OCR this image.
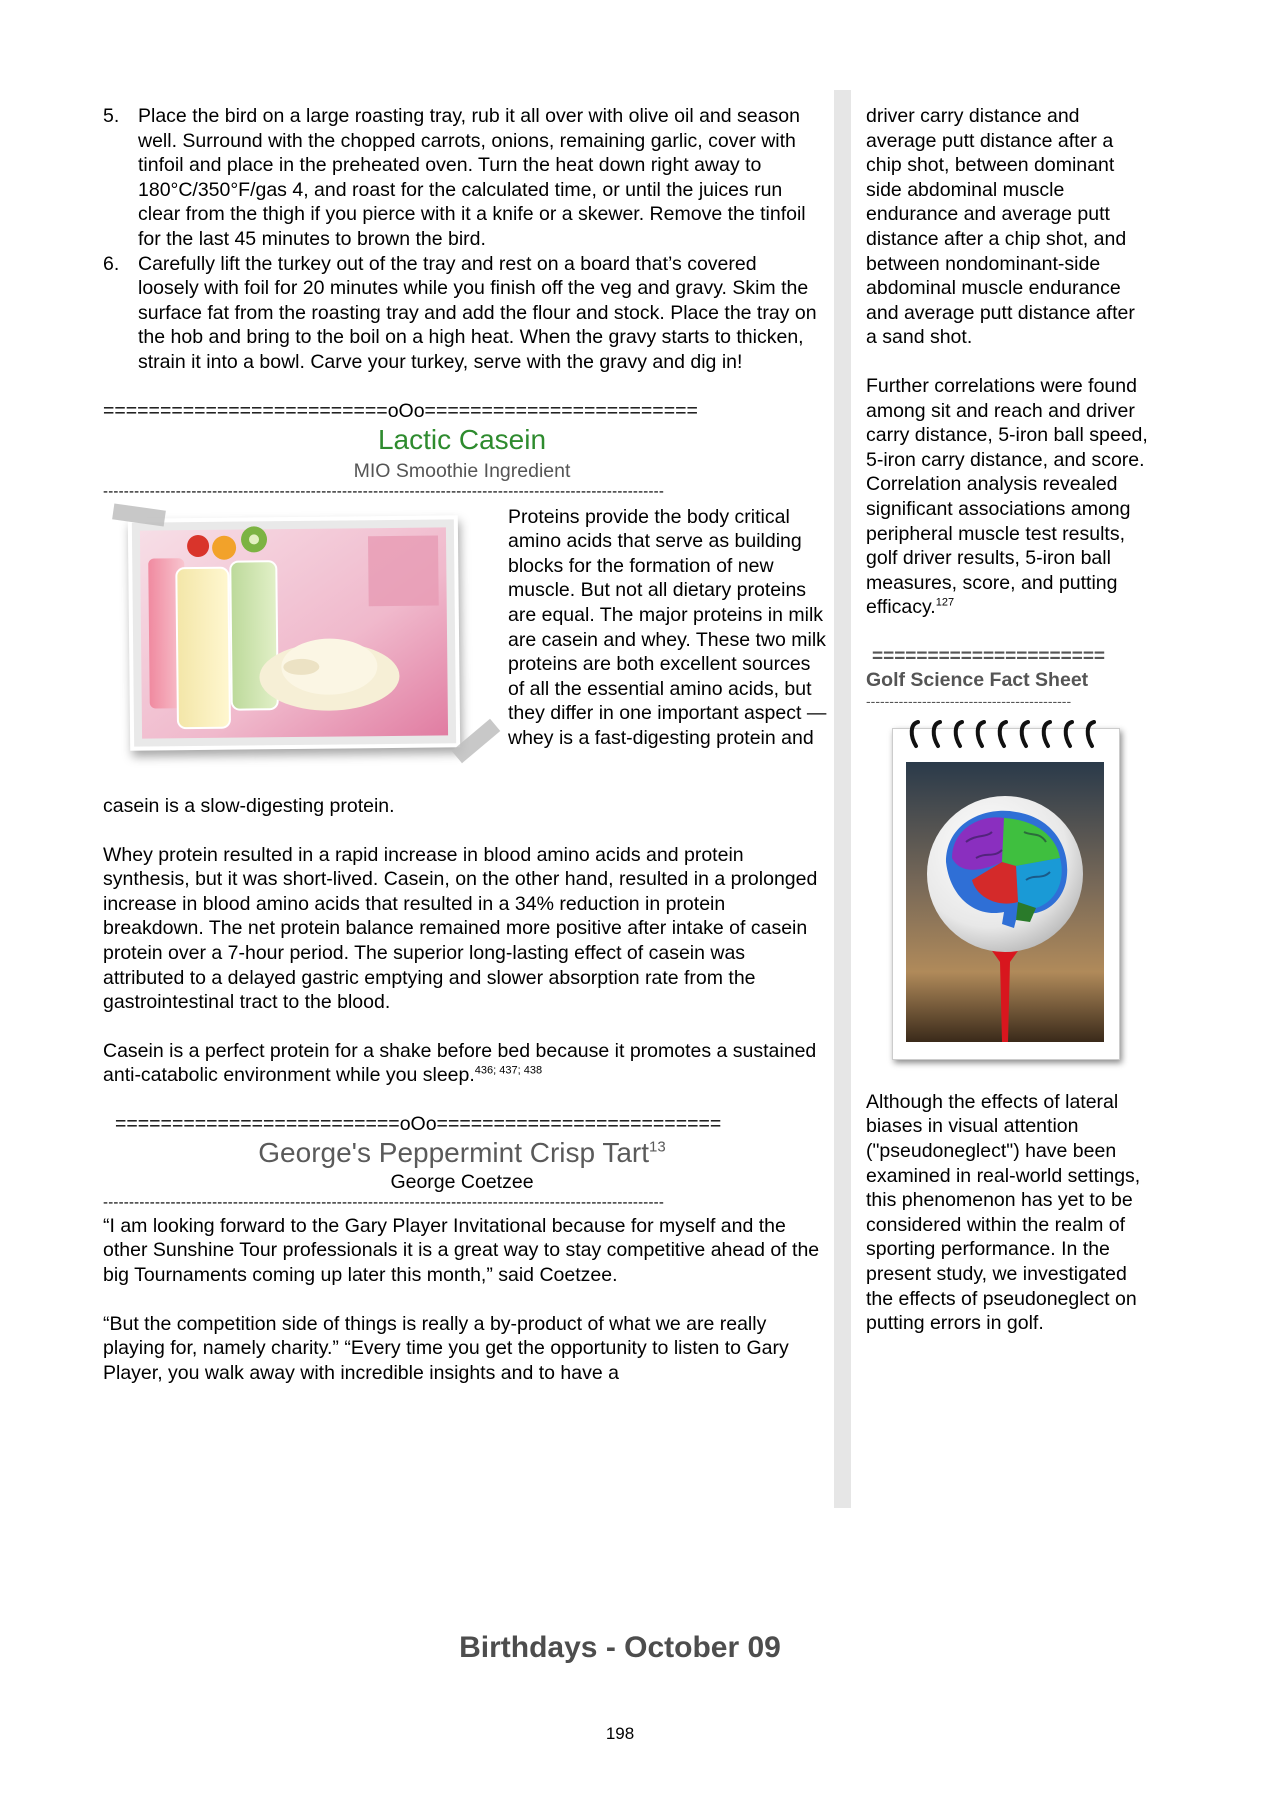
5. Place the bird on a large roasting tray, rub it all over with olive oil and season well. Surround with the chopped carrots, onions, remaining garlic, cover with tinfoil and place in the preheated oven. Turn the heat down right away to 180°C/350°F/gas 4, and roast for the calculated time, or until the juices run clear from the thigh if you pierce with it a knife or a skewer. Remove the tinfoil for the last 45 minutes to brown the bird.
6. Carefully lift the turkey out of the tray and rest on a board that’s covered loosely with foil for 20 minutes while you finish off the veg and gravy. Skim the surface fat from the roasting tray and add the flour and stock. Place the tray on the hob and bring to the boil on a high heat. When the gravy starts to thicken, strain it into a bowl. Carve your turkey, serve with the gravy and dig in!
=========================oOo========================
Lactic Casein
MIO Smoothie Ingredient
------------------------------------------------------------------------------------------------------------
Proteins provide the body critical amino acids that serve as building blocks for the formation of new muscle. But not all dietary proteins are equal. The major proteins in milk are casein and whey. These two milk proteins are both excellent sources of all the essential amino acids, but they differ in one important aspect — whey is a fast-digesting protein and
casein is a slow-digesting protein.

Whey protein resulted in a rapid increase in blood amino acids and protein synthesis, but it was short-lived. Casein, on the other hand, resulted in a prolonged increase in blood amino acids that resulted in a 34% reduction in protein breakdown. The net protein balance remained more positive after intake of casein protein over a 7-hour period. The superior long-lasting effect of casein was attributed to a delayed gastric emptying and slower absorption rate from the gastrointestinal tract to the blood.

Casein is a perfect protein for a shake before bed because it promotes a sustained anti-catabolic environment while you sleep.$^{436; 437; 438}$

=========================oOo=========================
George's Peppermint Crisp Tart$^{13}$
George Coetzee
------------------------------------------------------------------------------------------------------------

“I am looking forward to the Gary Player Invitational because for myself and the other Sunshine Tour professionals it is a great way to stay competitive ahead of the big Tournaments coming up later this month,” said Coetzee.

“But the competition side of things is really a by-product of what we are really playing for, namely charity.” “Every time you get the opportunity to listen to Gary Player, you walk away with incredible insights and to have a

driver carry distance and average putt distance after a chip shot, between dominant side abdominal muscle endurance and average putt distance after a chip shot, and between nondominant-side abdominal muscle endurance and average putt distance after a sand shot.

Further correlations were found among sit and reach and driver carry distance, 5-iron ball speed, 5-iron carry distance, and score. Correlation analysis revealed significant associations among peripheral muscle test results, golf driver results, 5-iron ball measures, score, and putting efficacy.$^{127}$

=====================
Golf Science Fact Sheet
--------------------------------------------

Although the effects of lateral biases in visual attention ("pseudoneglect") have been examined in real-world settings, this phenomenon has yet to be considered within the realm of sporting performance. In the present study, we investigated the effects of pseudoneglect on putting errors in golf.

Birthdays - October 09
198
